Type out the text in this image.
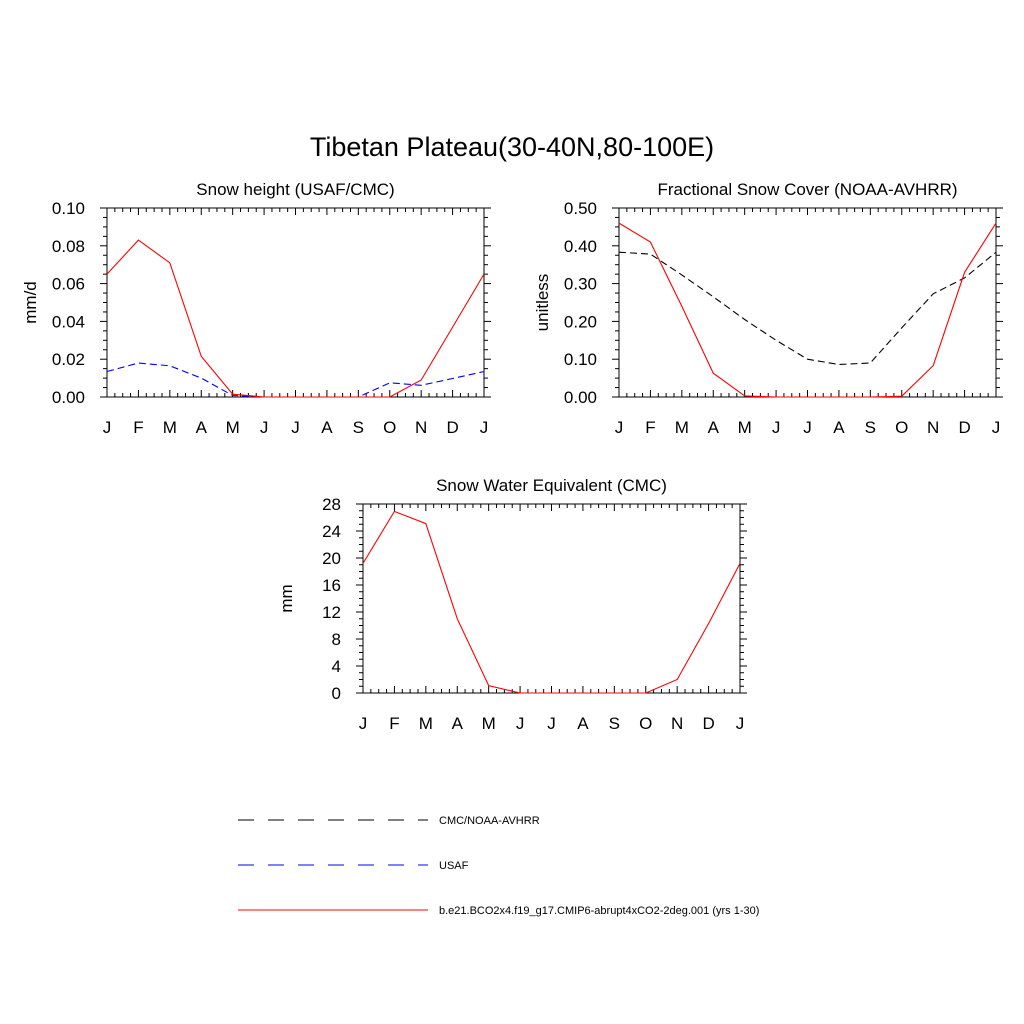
Tibetan Plateau(30-40N,80-100E)
Snow height (USAF/CMC)
mm/d
J F M A M J J A S O N D J
0.00
0.02
0.04
0.06
0.08
0.10
Fractional Snow Cover (NOAA-AVHRR)
unitless
J F M A M J J A S O N D J
0.00
0.10
0.20
0.30
0.40
0.50
Snow Water Equivalent (CMC)
mm
J F M A M J J A S O N D J
0
4
8
12
16
20
24
28
CMC/NOAA-AVHRR
USAF
b.e21.BCO2x4.f19_g17.CMIP6-abrupt4xCO2-2deg.001 (yrs 1-30)
